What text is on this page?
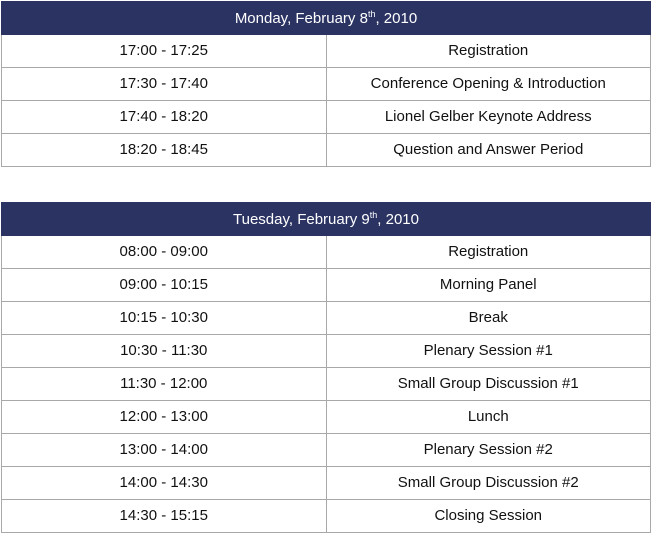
Monday, February 8th, 2010	
17:00 - 17:25	Registration
17:30 - 17:40	Conference Opening & Introduction
17:40 - 18:20	Lionel Gelber Keynote Address
18:20 - 18:45	Question and Answer Period
Tuesday, February 9th, 2010	
08:00 - 09:00	Registration
09:00 - 10:15	Morning Panel
10:15 - 10:30	Break
10:30 - 11:30	Plenary Session #1
11:30 - 12:00	Small Group Discussion #1
12:00 - 13:00	Lunch
13:00 - 14:00	Plenary Session #2
14:00 - 14:30	Small Group Discussion #2
14:30 - 15:15	Closing Session
